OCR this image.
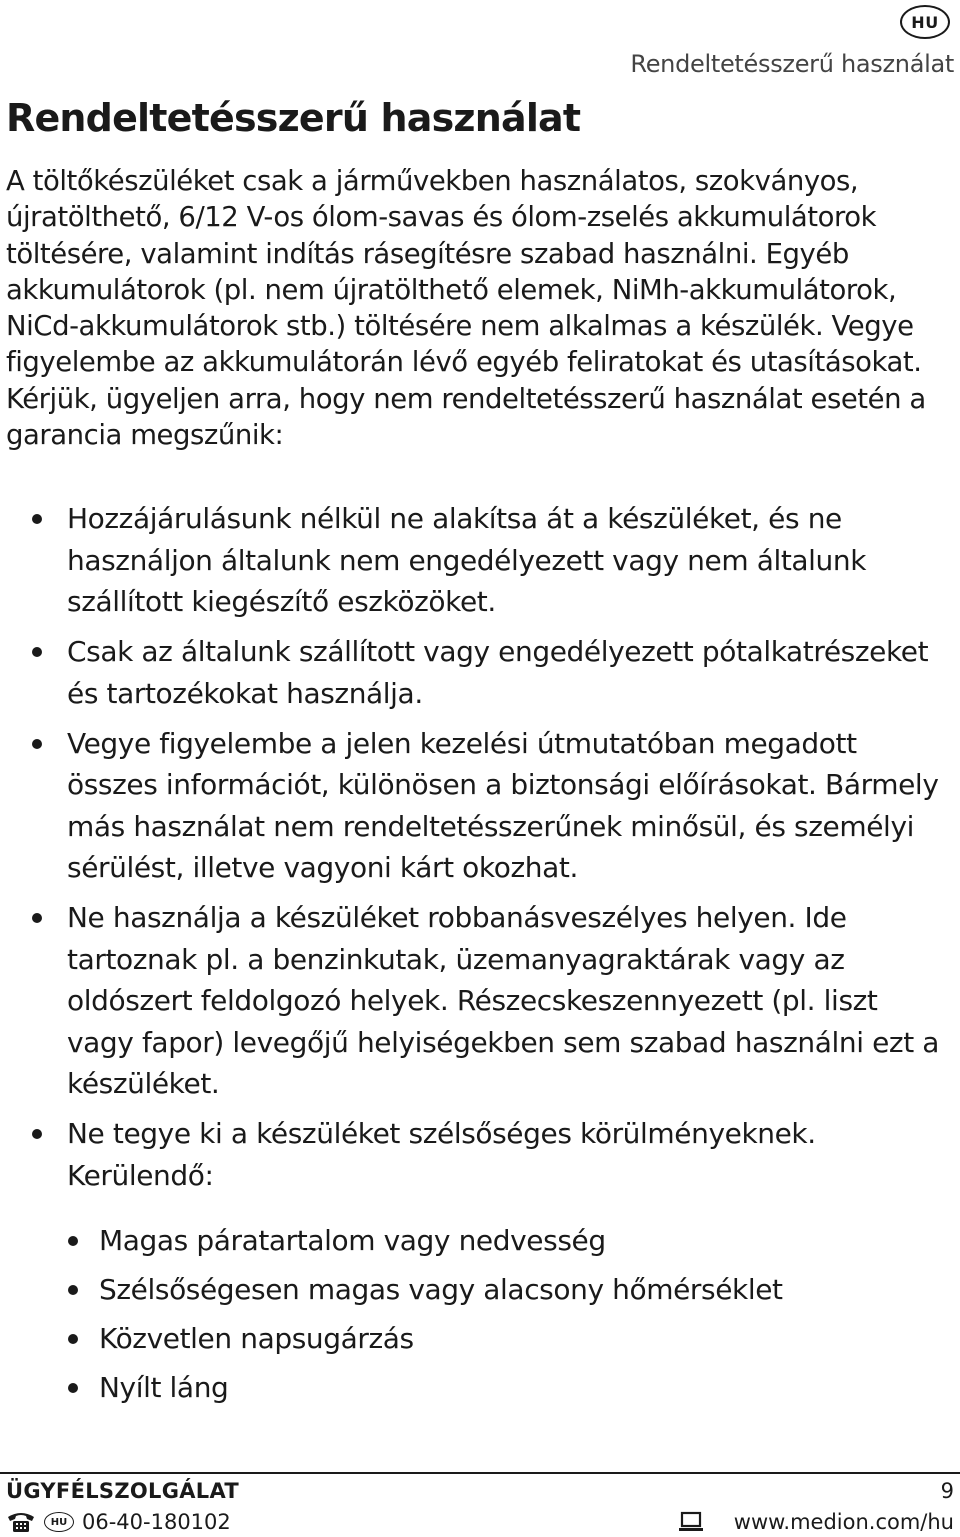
HU
Rendeltetésszerű használat
Rendeltetésszerű használat

A töltőkészüléket csak a járművekben használatos, szokványos, újratölthető, 6/12 V-os ólom-savas és ólom-zselés akkumulátorok töltésére, valamint indítás rásegítésre szabad használni. Egyéb akkumulátorok (pl. nem újratölthető elemek, NiMh-akkumulátorok, NiCd-akkumulátorok stb.) töltésére nem alkalmas a készülék. Vegye figyelembe az akkumulátorán lévő egyéb feliratokat és utasításokat.

Kérjük, ügyeljen arra, hogy nem rendeltetésszerű használat esetén a garancia megszűnik:

Hozzájárulásunk nélkül ne alakítsa át a készüléket, és ne használjon általunk nem engedélyezett vagy nem általunk szállított kiegészítő eszközöket.
Csak az általunk szállított vagy engedélyezett pótalkatrészeket és tartozékokat használja.
Vegye figyelembe a jelen kezelési útmutatóban megadott összes információt, különösen a biztonsági előírásokat. Bármely más használat nem rendeltetésszerűnek minősül, és személyi sérülést, illetve vagyoni kárt okozhat.
Ne használja a készüléket robbanásveszélyes helyen. Ide tartoznak pl. a benzinkutak, üzemanyagraktárak vagy az oldószert feldolgozó helyek. Részecskeszennyezett (pl. liszt vagy fapor) levegőjű helyiségekben sem szabad használni ezt a készüléket.
Ne tegye ki a készüléket szélsőséges körülményeknek. Kerülendő:
Magas páratartalom vagy nedvesség
Szélsőségesen magas vagy alacsony hőmérséklet
Közvetlen napsugárzás
Nyílt láng
ÜGYFÉLSZOLGÁLAT	9
HU 06-40-180102	www.medion.com/hu
